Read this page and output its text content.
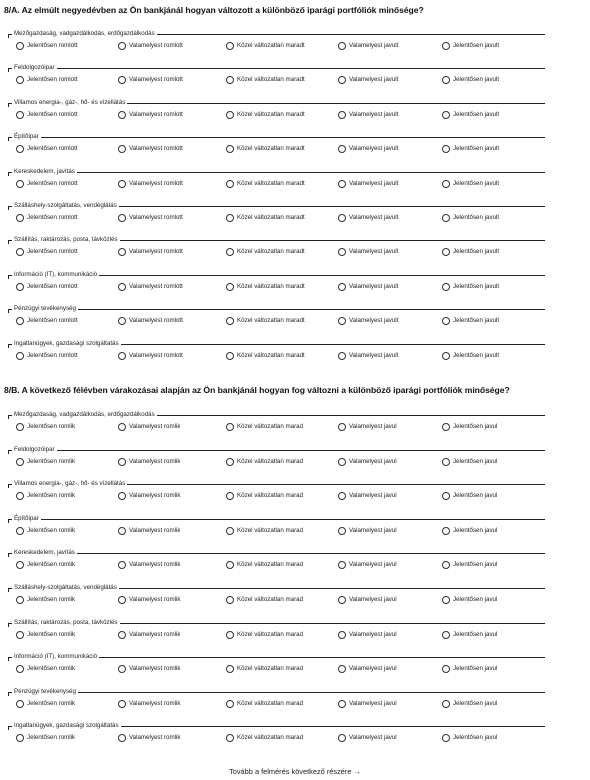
8/A. Az elmúlt negyedévben az Ön bankjánál hogyan változott a különböző iparági portfóliók minősége?
Mezőgazdaság, vadgazdálkodás, erdőgazdálkodás
Jelentősen romlott	Valamelyest romlott	Közel változatlan maradt	Valamelyest javult	Jelentősen javult
Feldolgozóipar
Jelentősen romlott	Valamelyest romlott	Közel változatlan maradt	Valamelyest javult	Jelentősen javult
Villamos energia-, gáz-, hő- és vízellátás
Jelentősen romlott	Valamelyest romlott	Közel változatlan maradt	Valamelyest javult	Jelentősen javult
Építőipar
Jelentősen romlott	Valamelyest romlott	Közel változatlan maradt	Valamelyest javult	Jelentősen javult
Kereskedelem, javítás
Jelentősen romlott	Valamelyest romlott	Közel változatlan maradt	Valamelyest javult	Jelentősen javult
Szálláshely-szolgáltatás, vendéglátás
Jelentősen romlott	Valamelyest romlott	Közel változatlan maradt	Valamelyest javult	Jelentősen javult
Szállítás, raktározás, posta, távközlés
Jelentősen romlott	Valamelyest romlott	Közel változatlan maradt	Valamelyest javult	Jelentősen javult
Információ (IT), kommunikáció
Jelentősen romlott	Valamelyest romlott	Közel változatlan maradt	Valamelyest javult	Jelentősen javult
Pénzügyi tevékenység
Jelentősen romlott	Valamelyest romlott	Közel változatlan maradt	Valamelyest javult	Jelentősen javult
Ingatlanügyek, gazdasági szolgáltatás
Jelentősen romlott	Valamelyest romlott	Közel változatlan maradt	Valamelyest javult	Jelentősen javult
8/B. A következő félévben várakozásai alapján az Ön bankjánál hogyan fog változni a különböző iparági portfóliók minősége?
Mezőgazdaság, vadgazdálkodás, erdőgazdálkodás
Jelentősen romlik	Valamelyest romlik	Közel változatlan marad	Valamelyest javul	Jelentősen javul
Feldolgozóipar
Jelentősen romlik	Valamelyest romlik	Közel változatlan marad	Valamelyest javul	Jelentősen javul
Villamos energia-, gáz-, hő- és vízellátás
Jelentősen romlik	Valamelyest romlik	Közel változatlan marad	Valamelyest javul	Jelentősen javul
Építőipar
Jelentősen romlik	Valamelyest romlik	Közel változatlan marad	Valamelyest javul	Jelentősen javul
Kereskedelem, javítás
Jelentősen romlik	Valamelyest romlik	Közel változatlan marad	Valamelyest javul	Jelentősen javul
Szálláshely-szolgáltatás, vendéglátás
Jelentősen romlik	Valamelyest romlik	Közel változatlan marad	Valamelyest javul	Jelentősen javul
Szállítás, raktározás, posta, távközlés
Jelentősen romlik	Valamelyest romlik	Közel változatlan marad	Valamelyest javul	Jelentősen javul
Információ (IT), kommunikáció
Jelentősen romlik	Valamelyest romlik	Közel változatlan marad	Valamelyest javul	Jelentősen javul
Pénzügyi tevékenység
Jelentősen romlik	Valamelyest romlik	Közel változatlan marad	Valamelyest javul	Jelentősen javul
Ingatlanügyek, gazdasági szolgáltatás
Jelentősen romlik	Valamelyest romlik	Közel változatlan marad	Valamelyest javul	Jelentősen javul
Tovább a felmérés következő részére →
